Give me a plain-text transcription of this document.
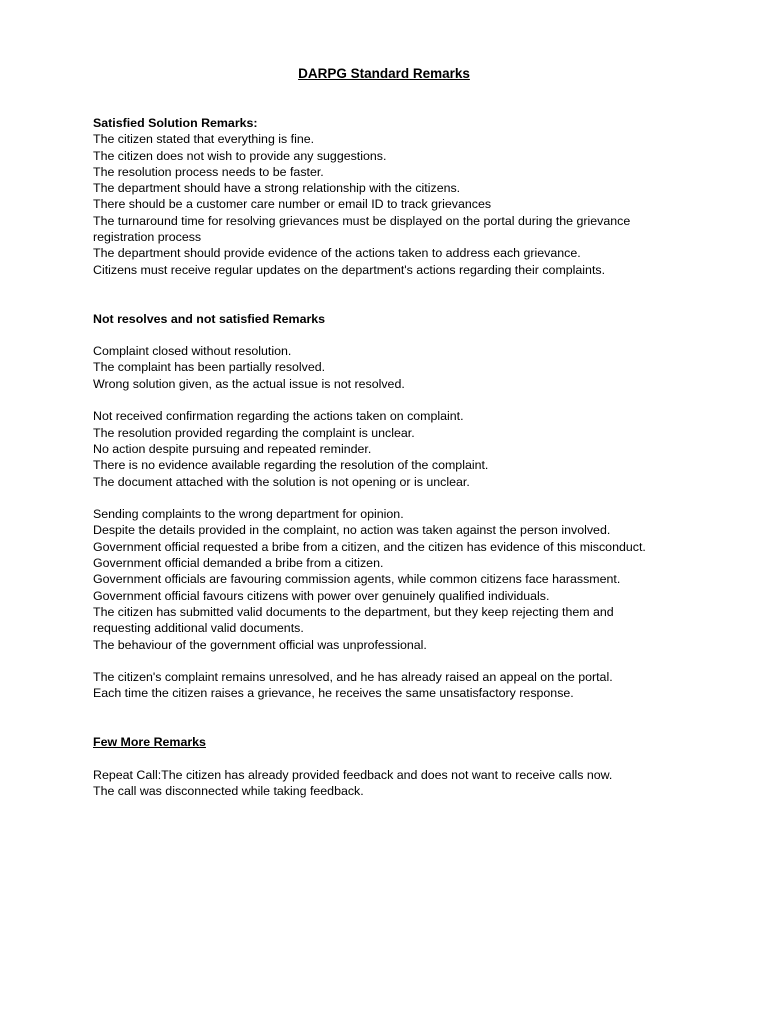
DARPG Standard Remarks
Satisfied Solution Remarks:
The citizen stated that everything is fine.
The citizen does not wish to provide any suggestions.
The resolution process needs to be faster.
The department should have a strong relationship with the citizens.
There should be a customer care number or email ID to track grievances
The turnaround time for resolving grievances must be displayed on the portal during the grievance registration process
The department should provide evidence of the actions taken to address each grievance.
Citizens must receive regular updates on the department's actions regarding their complaints.
Not resolves and not satisfied Remarks
Complaint closed without resolution.
The complaint has been partially resolved.
Wrong solution given, as the actual issue is not resolved.
Not received confirmation regarding the actions taken on complaint.
The resolution provided regarding the complaint is unclear.
No action despite pursuing and repeated reminder.
There is no evidence available regarding the resolution of the complaint.
The document attached with the solution is not opening or is unclear.
Sending complaints to the wrong department for opinion.
Despite the details provided in the complaint, no action was taken against the person involved.
Government official requested a bribe from a citizen, and the citizen has evidence of this misconduct.
Government official demanded a bribe from a citizen.
Government officials are favouring commission agents, while common citizens face harassment.
Government official favours citizens with power over genuinely qualified individuals.
The citizen has submitted valid documents to the department, but they keep rejecting them and requesting additional valid documents.
The behaviour of the government official was unprofessional.
The citizen's complaint remains unresolved, and he has already raised an appeal on the portal.
Each time the citizen raises a grievance, he receives the same unsatisfactory response.
Few More Remarks
Repeat Call:The citizen has already provided feedback and does not want to receive calls now.
The call was disconnected while taking feedback.
